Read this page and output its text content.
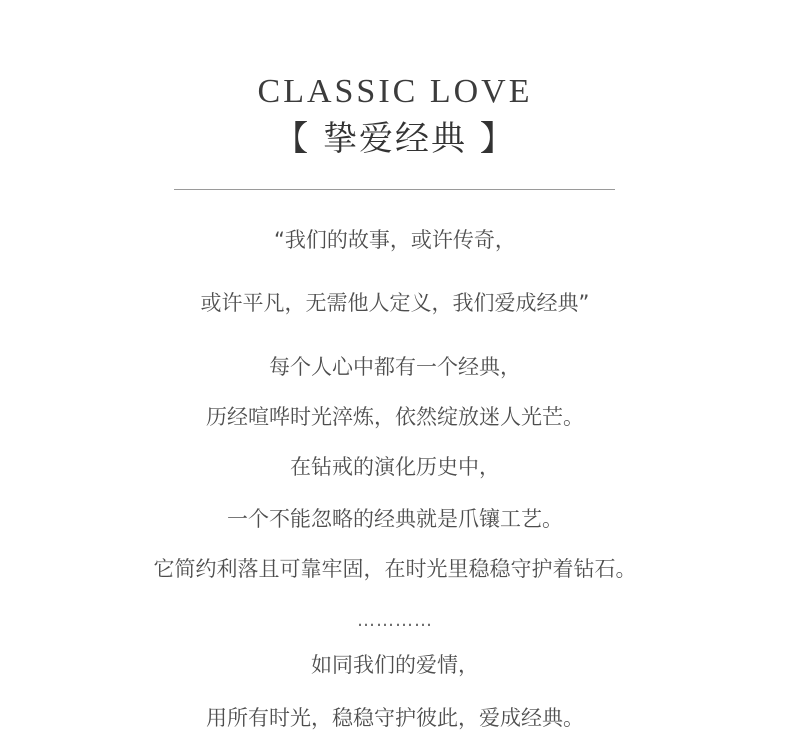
CLASSIC LOVE
【 挚爱经典 】
“我们的故事，或许传奇，
或许平凡，无需他人定义，我们爱成经典”
每个人心中都有一个经典，
历经喧哗时光淬炼，依然绽放迷人光芒。
在钻戒的演化历史中，
一个不能忽略的经典就是爪镶工艺。
它简约利落且可靠牢固，在时光里稳稳守护着钻石。
…………
如同我们的爱情，
用所有时光，稳稳守护彼此，爱成经典。
